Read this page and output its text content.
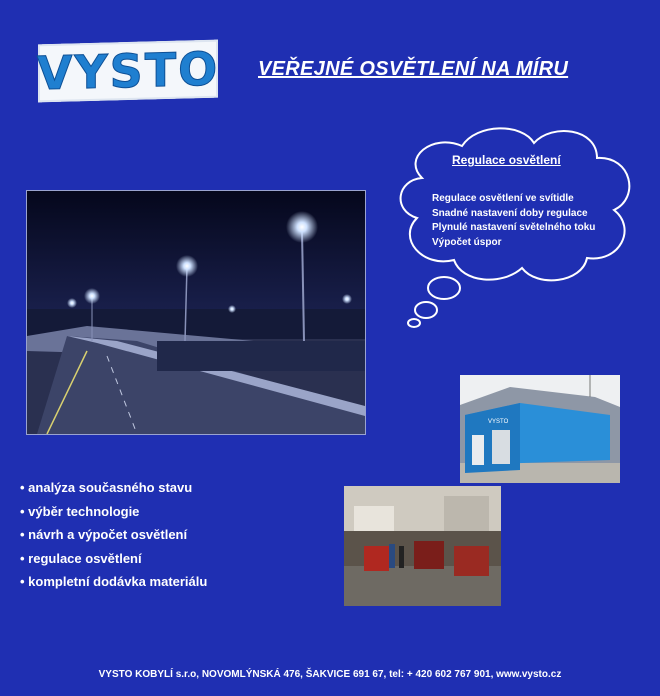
VYSTO VEŘEJNÉ OSVĚTLENÍ NA MÍRU
Regulace osvětlení
Regulace osvětlení ve svítidle
Snadné nastavení doby regulace
Plynulé nastavení světelného toku
Výpočet úspor
VYSTO
• analýza současného stavu
• výběr technologie
• návrh a výpočet osvětlení
• regulace osvětlení
• kompletní dodávka materiálu
VYSTO KOBYLÍ s.r.o, NOVOMLÝNSKÁ 476, ŠAKVICE 691 67, tel: + 420 602 767 901, www.vysto.cz
